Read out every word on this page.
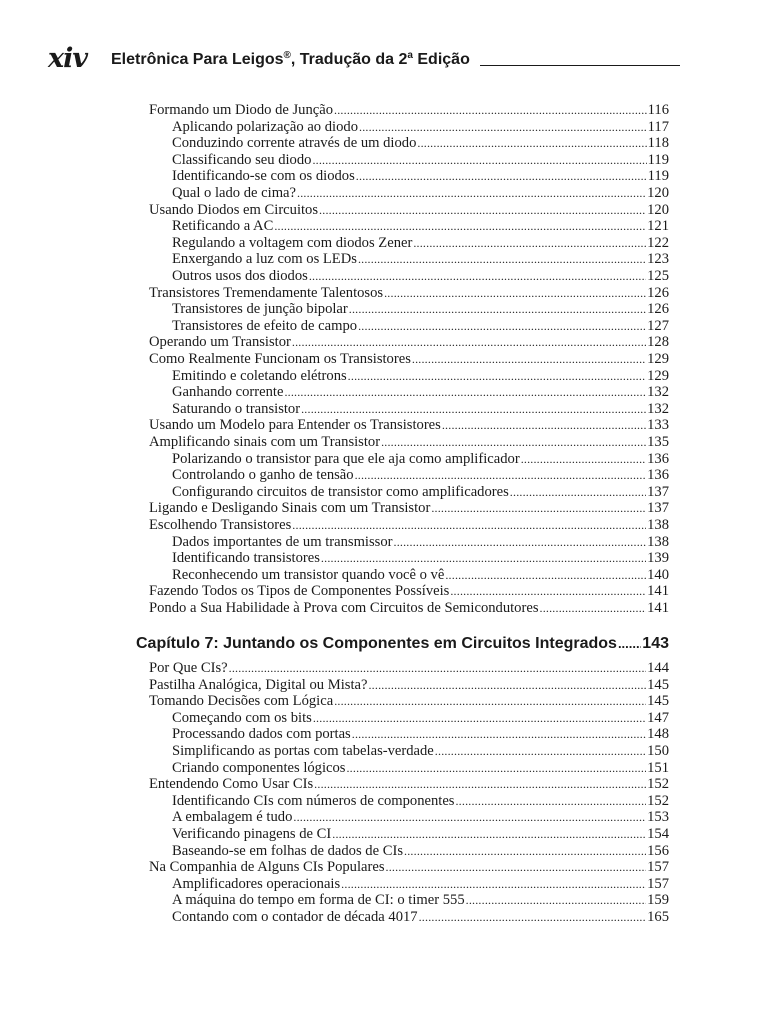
xiv Eletrônica Para Leigos®, Tradução da 2$^a$ Edição
Formando um Diodo de Junção .....	116
Aplicando polarização ao diodo .....	117
Conduzindo corrente através de um diodo .....	118
Classificando seu diodo .....	119
Identificando-se com os diodos .....	119
Qual o lado de cima? .....	120
Usando Diodos em Circuitos .....	120
Retificando a AC .....	121
Regulando a voltagem com diodos Zener .....	122
Enxergando a luz com os LEDs .....	123
Outros usos dos diodos .....	125
Transistores Tremendamente Talentosos .....	126
Transistores de junção bipolar .....	126
Transistores de efeito de campo .....	127
Operando um Transistor .....	128
Como Realmente Funcionam os Transistores .....	129
Emitindo e coletando elétrons .....	129
Ganhando corrente .....	132
Saturando o transistor .....	132
Usando um Modelo para Entender os Transistores .....	133
Amplificando sinais com um Transistor .....	135
Polarizando o transistor para que ele aja como amplificador .....	136
Controlando o ganho de tensão .....	136
Configurando circuitos de transistor como amplificadores .....	137
Ligando e Desligando Sinais com um Transistor .....	137
Escolhendo Transistores .....	138
Dados importantes de um transmissor .....	138
Identificando transistores .....	139
Reconhecendo um transistor quando você o vê .....	140
Fazendo Todos os Tipos de Componentes Possíveis .....	141
Pondo a Sua Habilidade à Prova com Circuitos de Semicondutores .....	141
Capítulo 7: Juntando os Componentes em Circuitos Integrados ..... 143
Por Que CIs? .....	144
Pastilha Analógica, Digital ou Mista? .....	145
Tomando Decisões com Lógica .....	145
Começando com os bits .....	147
Processando dados com portas .....	148
Simplificando as portas com tabelas-verdade .....	150
Criando componentes lógicos .....	151
Entendendo Como Usar CIs .....	152
Identificando CIs com números de componentes .....	152
A embalagem é tudo .....	153
Verificando pinagens de CI .....	154
Baseando-se em folhas de dados de CIs .....	156
Na Companhia de Alguns CIs Populares .....	157
Amplificadores operacionais .....	157
A máquina do tempo em forma de CI: o timer 555 .....	159
Contando com o contador de década 4017 .....	165
